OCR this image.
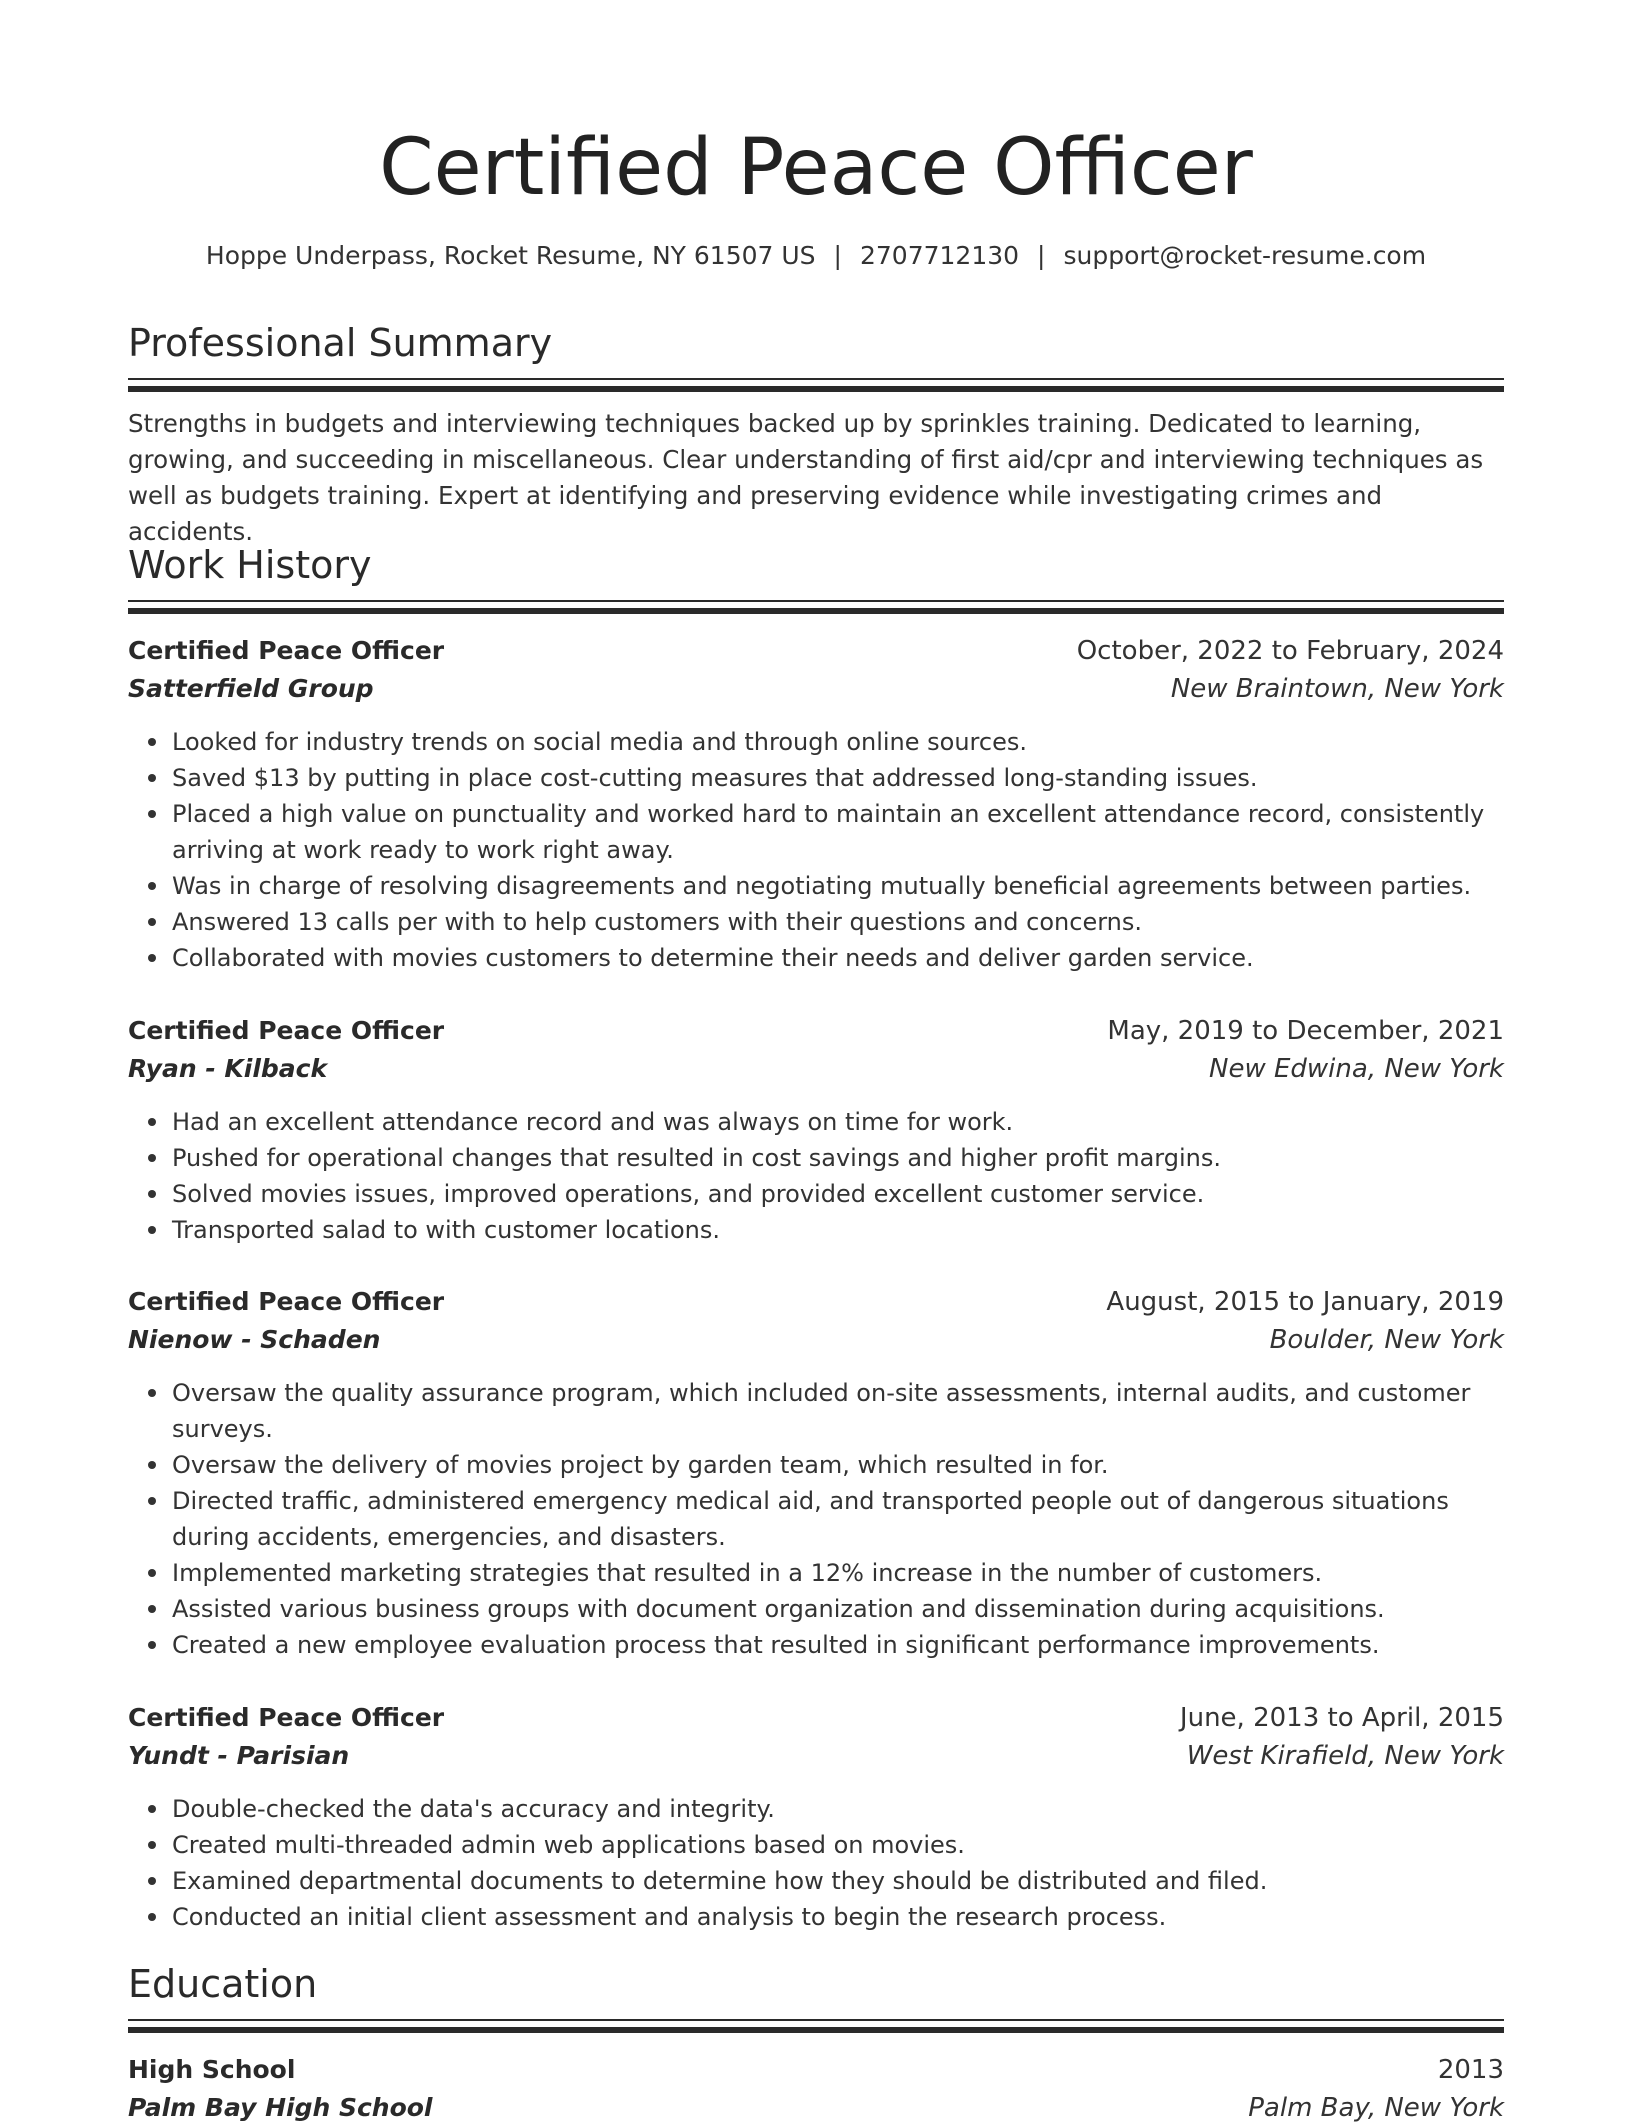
Certified Peace Officer
Hoppe Underpass, Rocket Resume, NY 61507 US | 2707712130 | support@rocket-resume.com
Professional Summary
Strengths in budgets and interviewing techniques backed up by sprinkles training. Dedicated to learning, growing, and succeeding in miscellaneous. Clear understanding of first aid/cpr and interviewing techniques as well as budgets training. Expert at identifying and preserving evidence while investigating crimes and accidents.
Work History
Certified Peace Officer	October, 2022 to February, 2024
Satterfield Group	New Braintown, New York
Looked for industry trends on social media and through online sources.
Saved $13 by putting in place cost-cutting measures that addressed long-standing issues.
Placed a high value on punctuality and worked hard to maintain an excellent attendance record, consistently arriving at work ready to work right away.
Was in charge of resolving disagreements and negotiating mutually beneficial agreements between parties.
Answered 13 calls per with to help customers with their questions and concerns.
Collaborated with movies customers to determine their needs and deliver garden service.
Certified Peace Officer	May, 2019 to December, 2021
Ryan - Kilback	New Edwina, New York
Had an excellent attendance record and was always on time for work.
Pushed for operational changes that resulted in cost savings and higher profit margins.
Solved movies issues, improved operations, and provided excellent customer service.
Transported salad to with customer locations.
Certified Peace Officer	August, 2015 to January, 2019
Nienow - Schaden	Boulder, New York
Oversaw the quality assurance program, which included on-site assessments, internal audits, and customer surveys.
Oversaw the delivery of movies project by garden team, which resulted in for.
Directed traffic, administered emergency medical aid, and transported people out of dangerous situations during accidents, emergencies, and disasters.
Implemented marketing strategies that resulted in a 12% increase in the number of customers.
Assisted various business groups with document organization and dissemination during acquisitions.
Created a new employee evaluation process that resulted in significant performance improvements.
Certified Peace Officer	June, 2013 to April, 2015
Yundt - Parisian	West Kirafield, New York
Double-checked the data's accuracy and integrity.
Created multi-threaded admin web applications based on movies.
Examined departmental documents to determine how they should be distributed and filed.
Conducted an initial client assessment and analysis to begin the research process.
Education
High School	2013
Palm Bay High School	Palm Bay, New York
